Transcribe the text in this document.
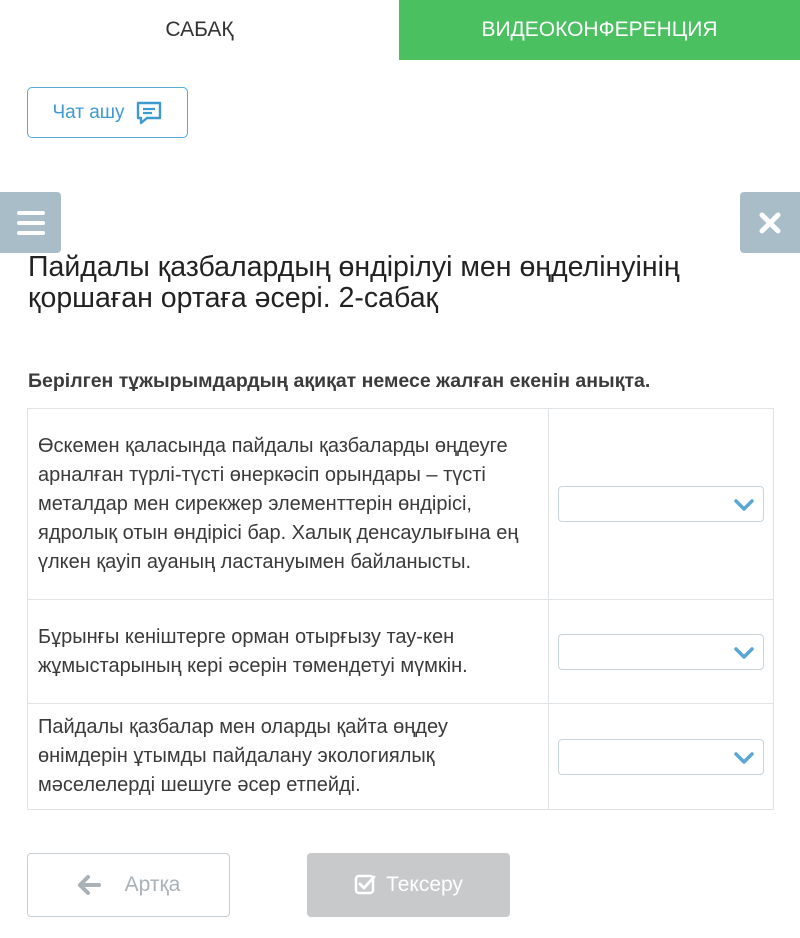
САБАҚ	ВИДЕОКОНФЕРЕНЦИЯ
Чат ашу
Пайдалы қазбалардың өндірілуі мен өңделінуінің қоршаған ортаға әсері. 2-сабақ
Берілген тұжырымдардың ақиқат немесе жалған екенін анықта.
Өскемен қаласында пайдалы қазбаларды өңдеуге арналған түрлі-түсті өнеркәсіп орындары – түсті металдар мен сирекжер элементтерін өндірісі, ядролық отын өндірісі бар. Халық денсаулығына ең үлкен қауіп ауаның ластануымен байланысты.	

Бұрынғы кеніштерге орман отырғызу тау-кен жұмыстарының кері әсерін төмендетуі мүмкін.	

Пайдалы қазбалар мен оларды қайта өңдеу өнімдерін ұтымды пайдалану экологиялық мәселелерді шешуге әсер етпейді.	
Артқа	Тексеру
